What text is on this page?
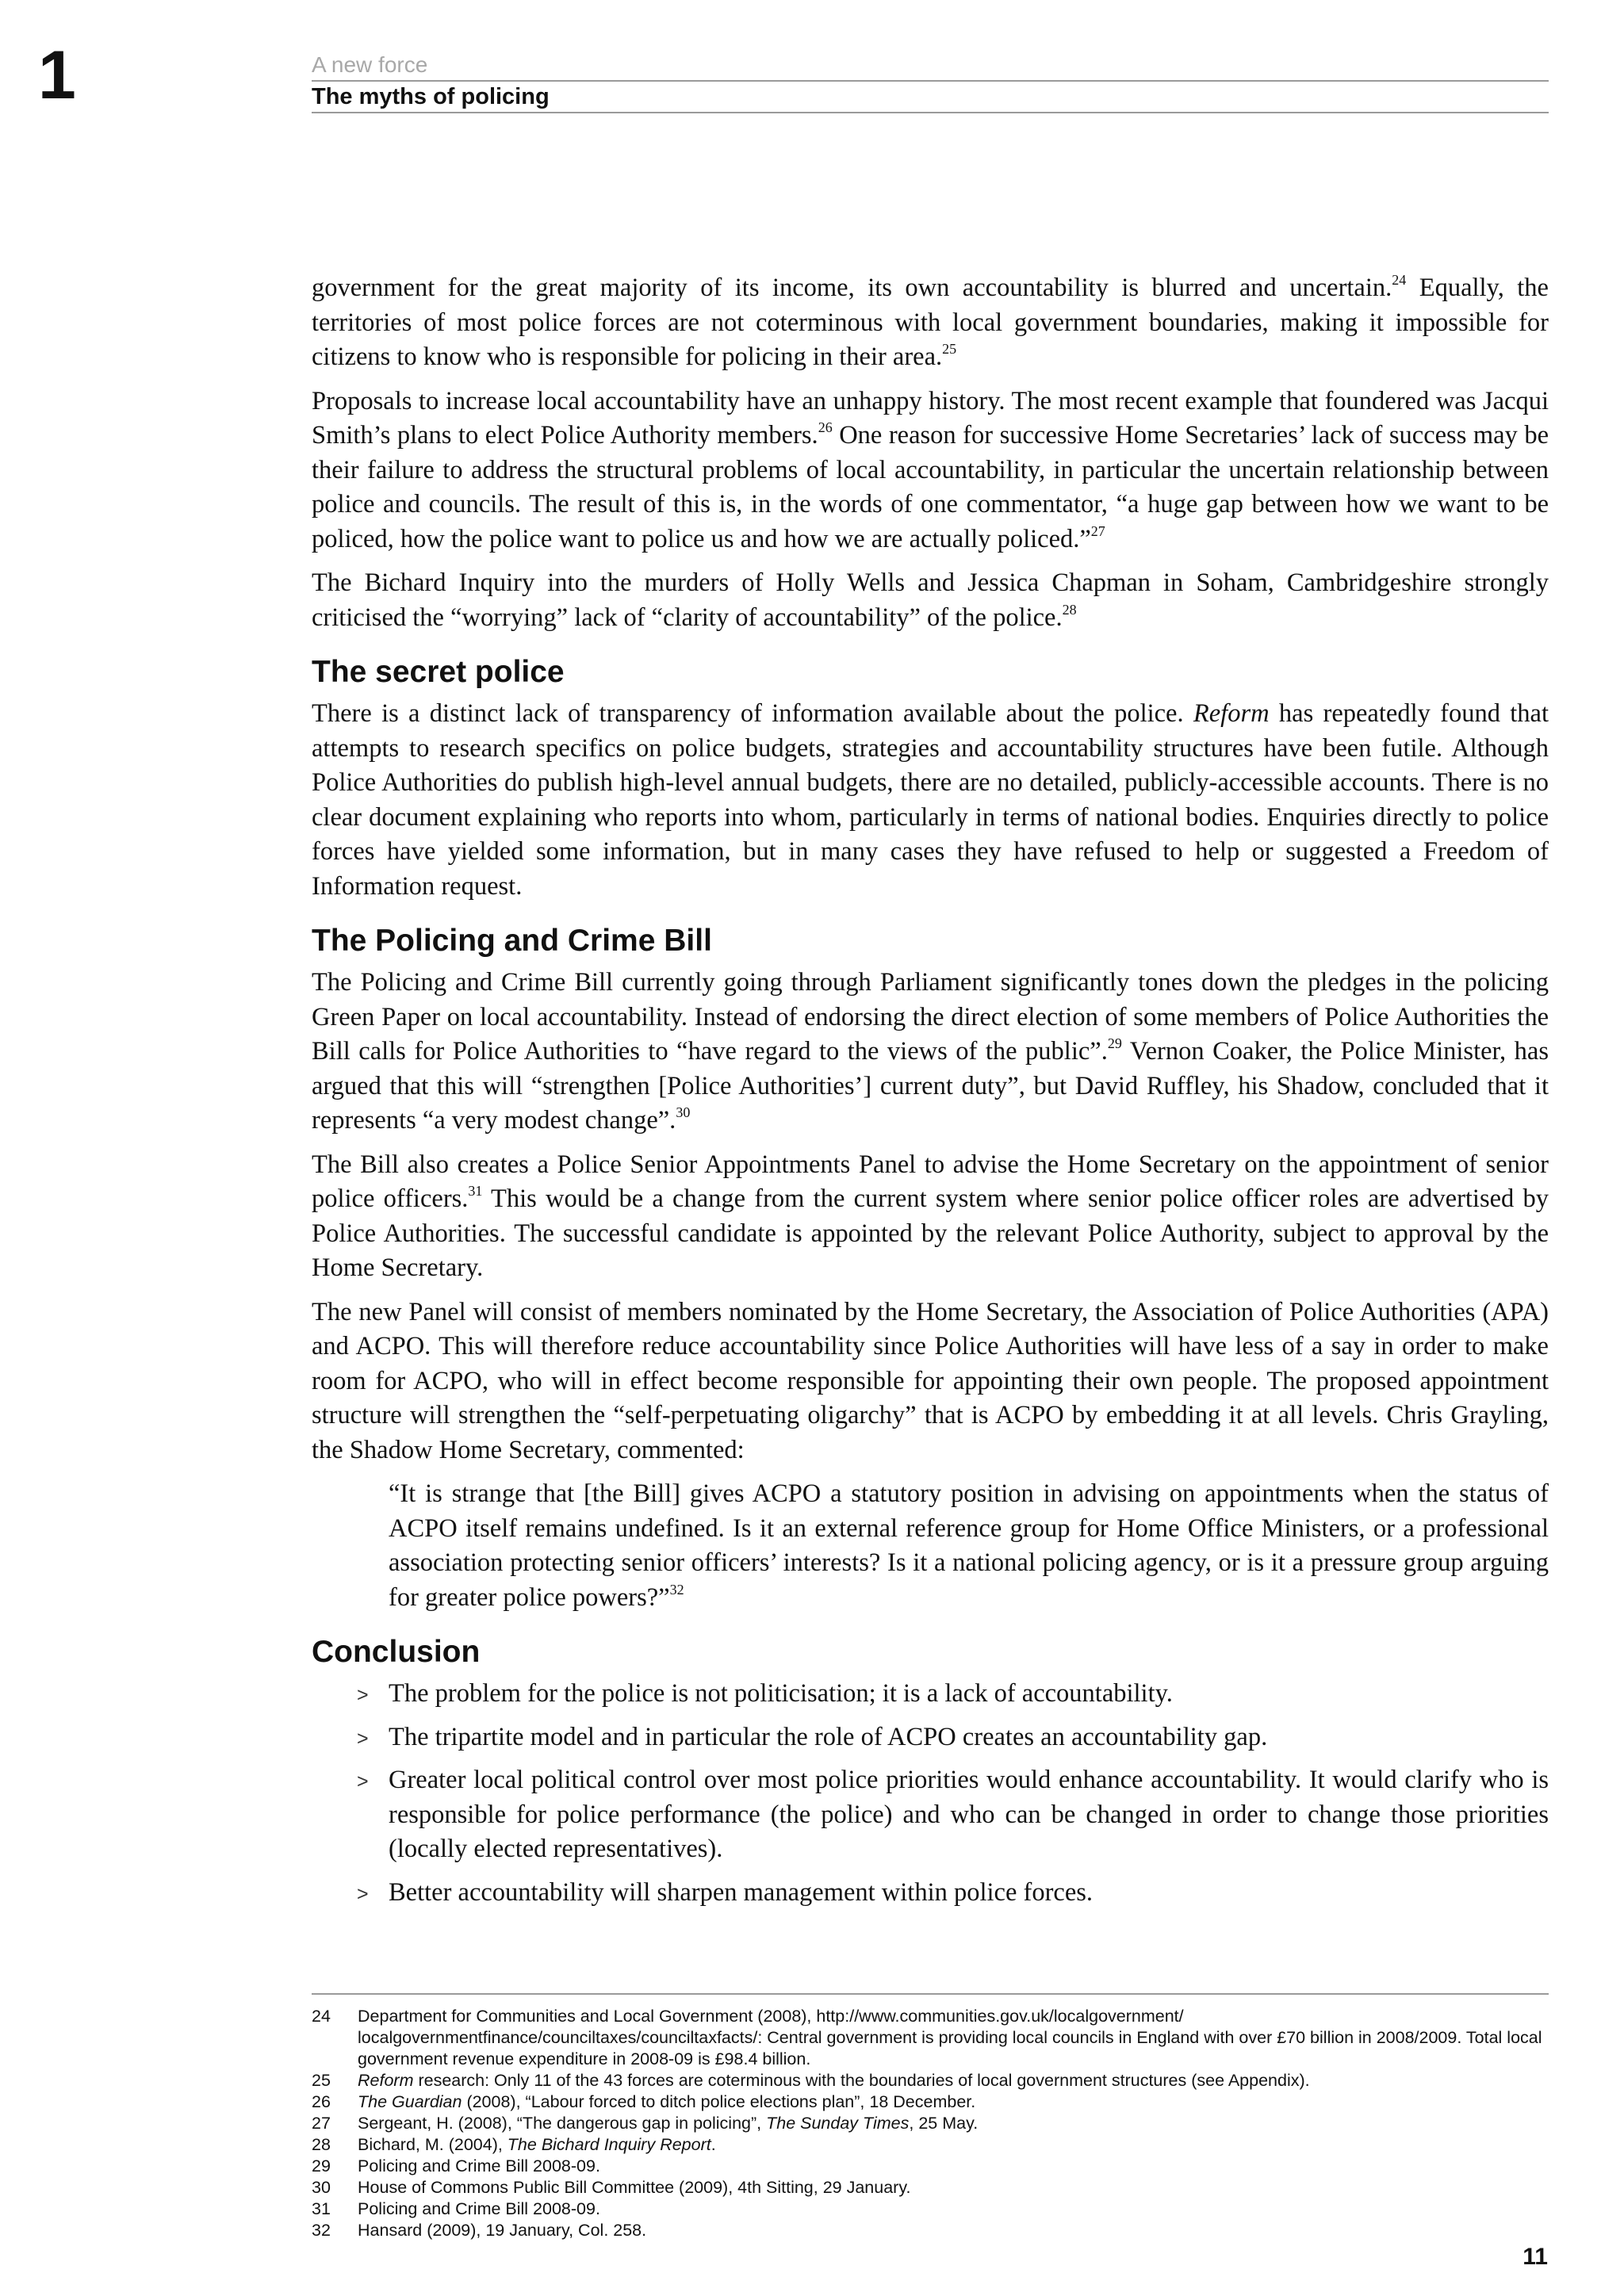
1	A new force
The myths of policing

government for the great majority of its income, its own accountability is blurred and uncertain.$^{24}$ Equally, the territories of most police forces are not coterminous with local government boundaries, making it impossible for citizens to know who is responsible for policing in their area.$^{25}$

Proposals to increase local accountability have an unhappy history. The most recent example that foundered was Jacqui Smith’s plans to elect Police Authority members.$^{26}$ One reason for successive Home Secretaries’ lack of success may be their failure to address the structural problems of local accountability, in particular the uncertain relationship between police and councils. The result of this is, in the words of one commentator, “a huge gap between how we want to be policed, how the police want to police us and how we are actually policed.”$^{27}$

The Bichard Inquiry into the murders of Holly Wells and Jessica Chapman in Soham, Cambridgeshire strongly criticised the “worrying” lack of “clarity of accountability” of the police.$^{28}$

The secret police

There is a distinct lack of transparency of information available about the police. Reform has repeatedly found that attempts to research specifics on police budgets, strategies and accountability structures have been futile. Although Police Authorities do publish high-level annual budgets, there are no detailed, publicly-accessible accounts. There is no clear document explaining who reports into whom, particularly in terms of national bodies. Enquiries directly to police forces have yielded some information, but in many cases they have refused to help or suggested a Freedom of Information request.

The Policing and Crime Bill

The Policing and Crime Bill currently going through Parliament significantly tones down the pledges in the policing Green Paper on local accountability. Instead of endorsing the direct election of some members of Police Authorities the Bill calls for Police Authorities to “have regard to the views of the public”.$^{29}$ Vernon Coaker, the Police Minister, has argued that this will “strengthen [Police Authorities’] current duty”, but David Ruffley, his Shadow, concluded that it represents “a very modest change”.$^{30}$

The Bill also creates a Police Senior Appointments Panel to advise the Home Secretary on the appointment of senior police officers.$^{31}$ This would be a change from the current system where senior police officer roles are advertised by Police Authorities. The successful candidate is appointed by the relevant Police Authority, subject to approval by the Home Secretary.

The new Panel will consist of members nominated by the Home Secretary, the Association of Police Authorities (APA) and ACPO. This will therefore reduce accountability since Police Authorities will have less of a say in order to make room for ACPO, who will in effect become responsible for appointing their own people. The proposed appointment structure will strengthen the “self-perpetuating oligarchy” that is ACPO by embedding it at all levels. Chris Grayling, the Shadow Home Secretary, commented:

“It is strange that [the Bill] gives ACPO a statutory position in advising on appointments when the status of ACPO itself remains undefined. Is it an external reference group for Home Office Ministers, or a professional association protecting senior officers’ interests? Is it a national policing agency, or is it a pressure group arguing for greater police powers?”$^{32}$
Conclusion
> The problem for the police is not politicisation; it is a lack of accountability.
> The tripartite model and in particular the role of ACPO creates an accountability gap.
> Greater local political control over most police priorities would enhance accountability. It would clarify who is responsible for police performance (the police) and who can be changed in order to change those priorities (locally elected representatives).
> Better accountability will sharpen management within police forces.
24	Department for Communities and Local Government (2008), http://www.communities.gov.uk/localgovernment/ localgovernmentfinance/counciltaxes/counciltaxfacts/: Central government is providing local councils in England with over £70 billion in 2008/2009. Total local government revenue expenditure in 2008-09 is £98.4 billion.
25	Reform research: Only 11 of the 43 forces are coterminous with the boundaries of local government structures (see Appendix).
26	The Guardian (2008), “Labour forced to ditch police elections plan”, 18 December.
27	Sergeant, H. (2008), “The dangerous gap in policing”, The Sunday Times, 25 May.
28	Bichard, M. (2004), The Bichard Inquiry Report.
29	Policing and Crime Bill 2008-09.
30	House of Commons Public Bill Committee (2009), 4th Sitting, 29 January.
31	Policing and Crime Bill 2008-09.
32	Hansard (2009), 19 January, Col. 258.
11
